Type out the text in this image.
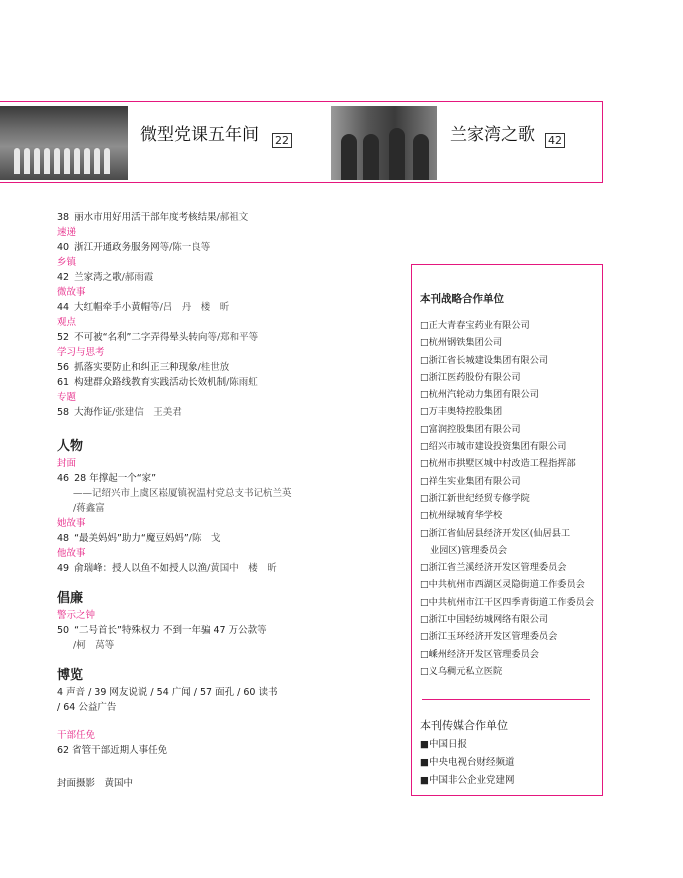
微型党课五年间 22	兰家湾之歌 42
38 丽水市用好用活干部年度考核结果/郝祖文
速递
40 浙江开通政务服务网等/陈一良等
乡镇
42 兰家湾之歌/郝雨霞
微故事
44 大红帽牵手小黄帽等/吕　丹　楼　昕
观点
52 不可被“名利”二字弄得晕头转向等/郑和平等
学习与思考
56 抓落实要防止和纠正三种现象/桂世放
61 构建群众路线教育实践活动长效机制/陈雨虹
专题
58 大海作证/张建信　王美君
人物
封面
46 28 年撑起一个“家”
——记绍兴市上虞区崧厦镇祝温村党总支书记杭兰英
/蒋鑫富
她故事
48 “最美妈妈”助力“魔豆妈妈”/陈　戈
他故事
49 俞瑞峰：授人以鱼不如授人以渔/黄国中　楼　昕
倡廉
警示之钟
50 “二号首长”特殊权力 不到一年骗 47 万公款等
/柯　莴等
博览
4 声音 / 39 网友说说 / 54 广闻 / 57 面孔 / 60 读书
/ 64 公益广告
干部任免
62 省管干部近期人事任免
封面摄影　黄国中
本刊战略合作单位
□正大青春宝药业有限公司
□杭州钢铁集团公司
□浙江省长城建设集团有限公司
□浙江医药股份有限公司
□杭州汽轮动力集团有限公司
□万丰奥特控股集团
□富润控股集团有限公司
□绍兴市城市建设投资集团有限公司
□杭州市拱墅区城中村改造工程指挥部
□祥生实业集团有限公司
□浙江新世纪经贸专修学院
□杭州绿城育华学校
□浙江省仙居县经济开发区(仙居县工
业园区)管理委员会
□浙江省兰溪经济开发区管理委员会
□中共杭州市西湖区灵隐街道工作委员会
□中共杭州市江干区四季青街道工作委员会
□浙江中国轻纺城网络有限公司
□浙江玉环经济开发区管理委员会
□嵊州经济开发区管理委员会
□义乌稠元私立医院
本刊传媒合作单位
■中国日报
■中央电视台财经频道
■中国非公企业党建网
